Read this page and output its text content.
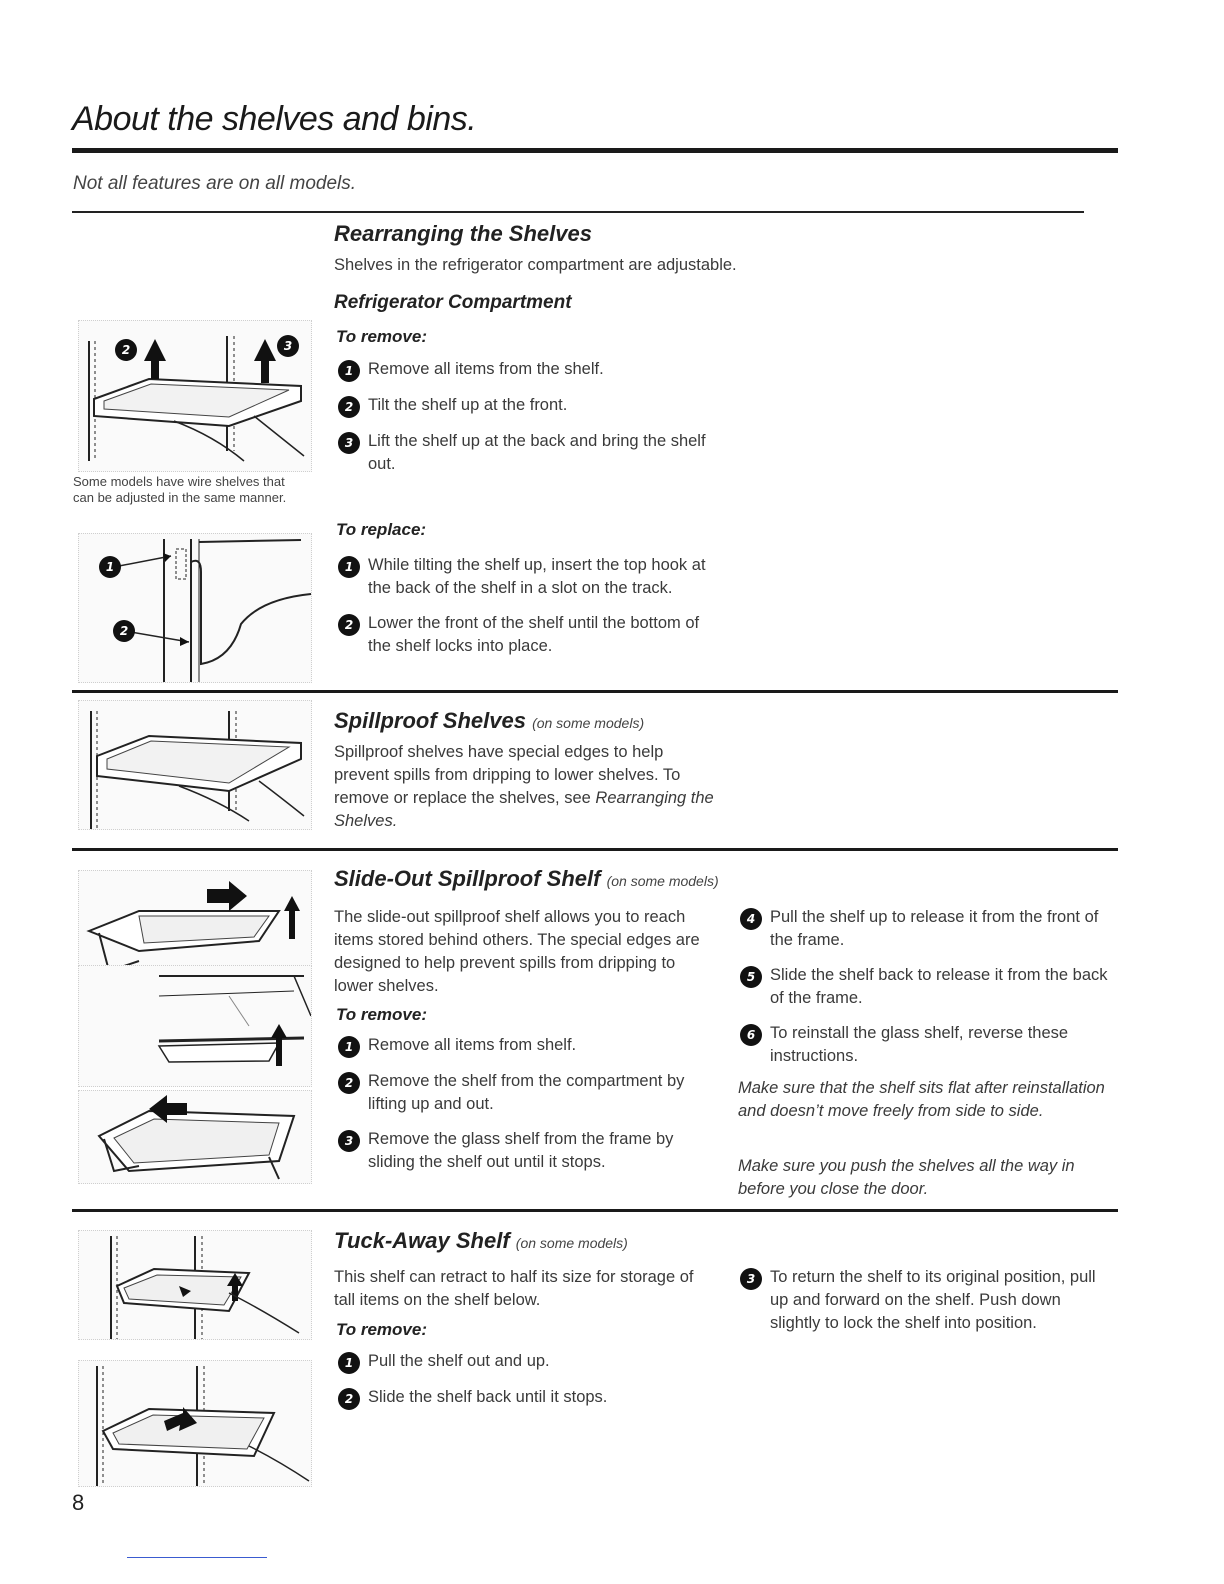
About the shelves and bins.
Not all features are on all models.
Rearranging the Shelves
Shelves in the refrigerator compartment are adjustable.
Refrigerator Compartment
To remove:
1 Remove all items from the shelf.
2 Tilt the shelf up at the front.
3 Lift the shelf up at the back and bring the shelf out.
To replace:
1 While tilting the shelf up, insert the top hook at the back of the shelf in a slot on the track.
2 Lower the front of the shelf until the bottom of the shelf locks into place.
2	3
Some models have wire shelves that can be adjusted in the same manner.
1
2
Spillproof Shelves (on some models)
Spillproof shelves have special edges to help prevent spills from dripping to lower shelves. To remove or replace the shelves, see Rearranging the Shelves.
Slide-Out Spillproof Shelf (on some models)
The slide-out spillproof shelf allows you to reach items stored behind others. The special edges are designed to help prevent spills from dripping to lower shelves.
To remove:
1 Remove all items from shelf.
2 Remove the shelf from the compartment by lifting up and out.
3 Remove the glass shelf from the frame by sliding the shelf out until it stops.
4 Pull the shelf up to release it from the front of the frame.
5 Slide the shelf back to release it from the back of the frame.
6 To reinstall the glass shelf, reverse these instructions.
Make sure that the shelf sits flat after reinstallation and doesn’t move freely from side to side.
Make sure you push the shelves all the way in before you close the door.
Tuck-Away Shelf (on some models)
This shelf can retract to half its size for storage of tall items on the shelf below.
To remove:
1 Pull the shelf out and up.
2 Slide the shelf back until it stops.
3 To return the shelf to its original position, pull up and forward on the shelf. Push down slightly to lock the shelf into position.
8
